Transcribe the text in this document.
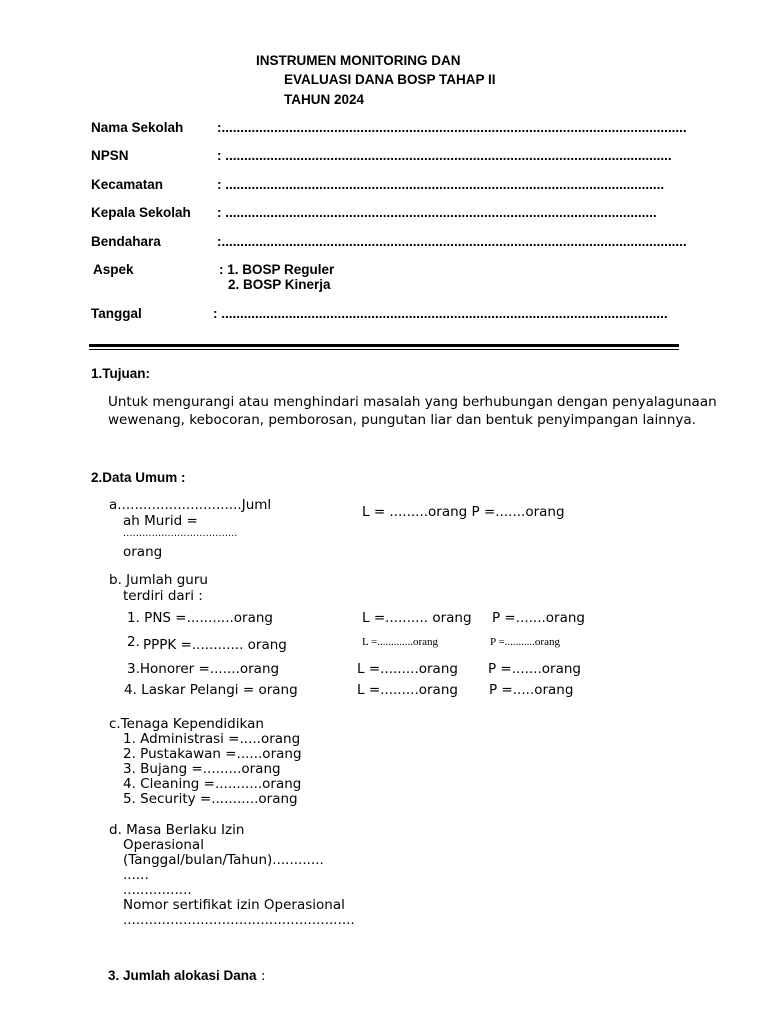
INSTRUMEN MONITORING DAN
EVALUASI DANA BOSP TAHAP II
TAHUN 2024
Nama Sekolah :............................................................................................................................
NPSN	: .......................................................................................................................
Kecamatan	: .....................................................................................................................
Kepala Sekolah : ...................................................................................................................
Bendahara	:............................................................................................................................
Aspek	: 1. BOSP Reguler
2. BOSP Kinerja
Tanggal	: .......................................................................................................................
1.Tujuan:
Untuk mengurangi atau menghindari masalah yang berhubungan dengan penyalagunaan wewenang, kebocoran, pemborosan, pungutan liar dan bentuk penyimpangan lainnya.
2.Data Umum :
a.............................Juml
ah Murid =
....................................
orang
L = .........orang P =.......orang
b. Jumlah guru
terdiri dari :
1. PNS =...........orang	L =.......... orang P =.......orang
2. PPPK =............ orang	L =.............orang	P =...........orang
3.Honorer =.......orang	L =.........orang P =.......orang
4. Laskar Pelangi = orang	L =.........orang P =.....orang
c.Tenaga Kependidikan
1. Administrasi =.....orang
2. Pustakawan =......orang
3. Bujang =.........orang
4. Cleaning =...........orang
5. Security =...........orang
d. Masa Berlaku Izin
Operasional
(Tanggal/bulan/Tahun)............
......
................
Nomor sertifikat izin Operasional
......................................................
3. Jumlah alokasi Dana :
